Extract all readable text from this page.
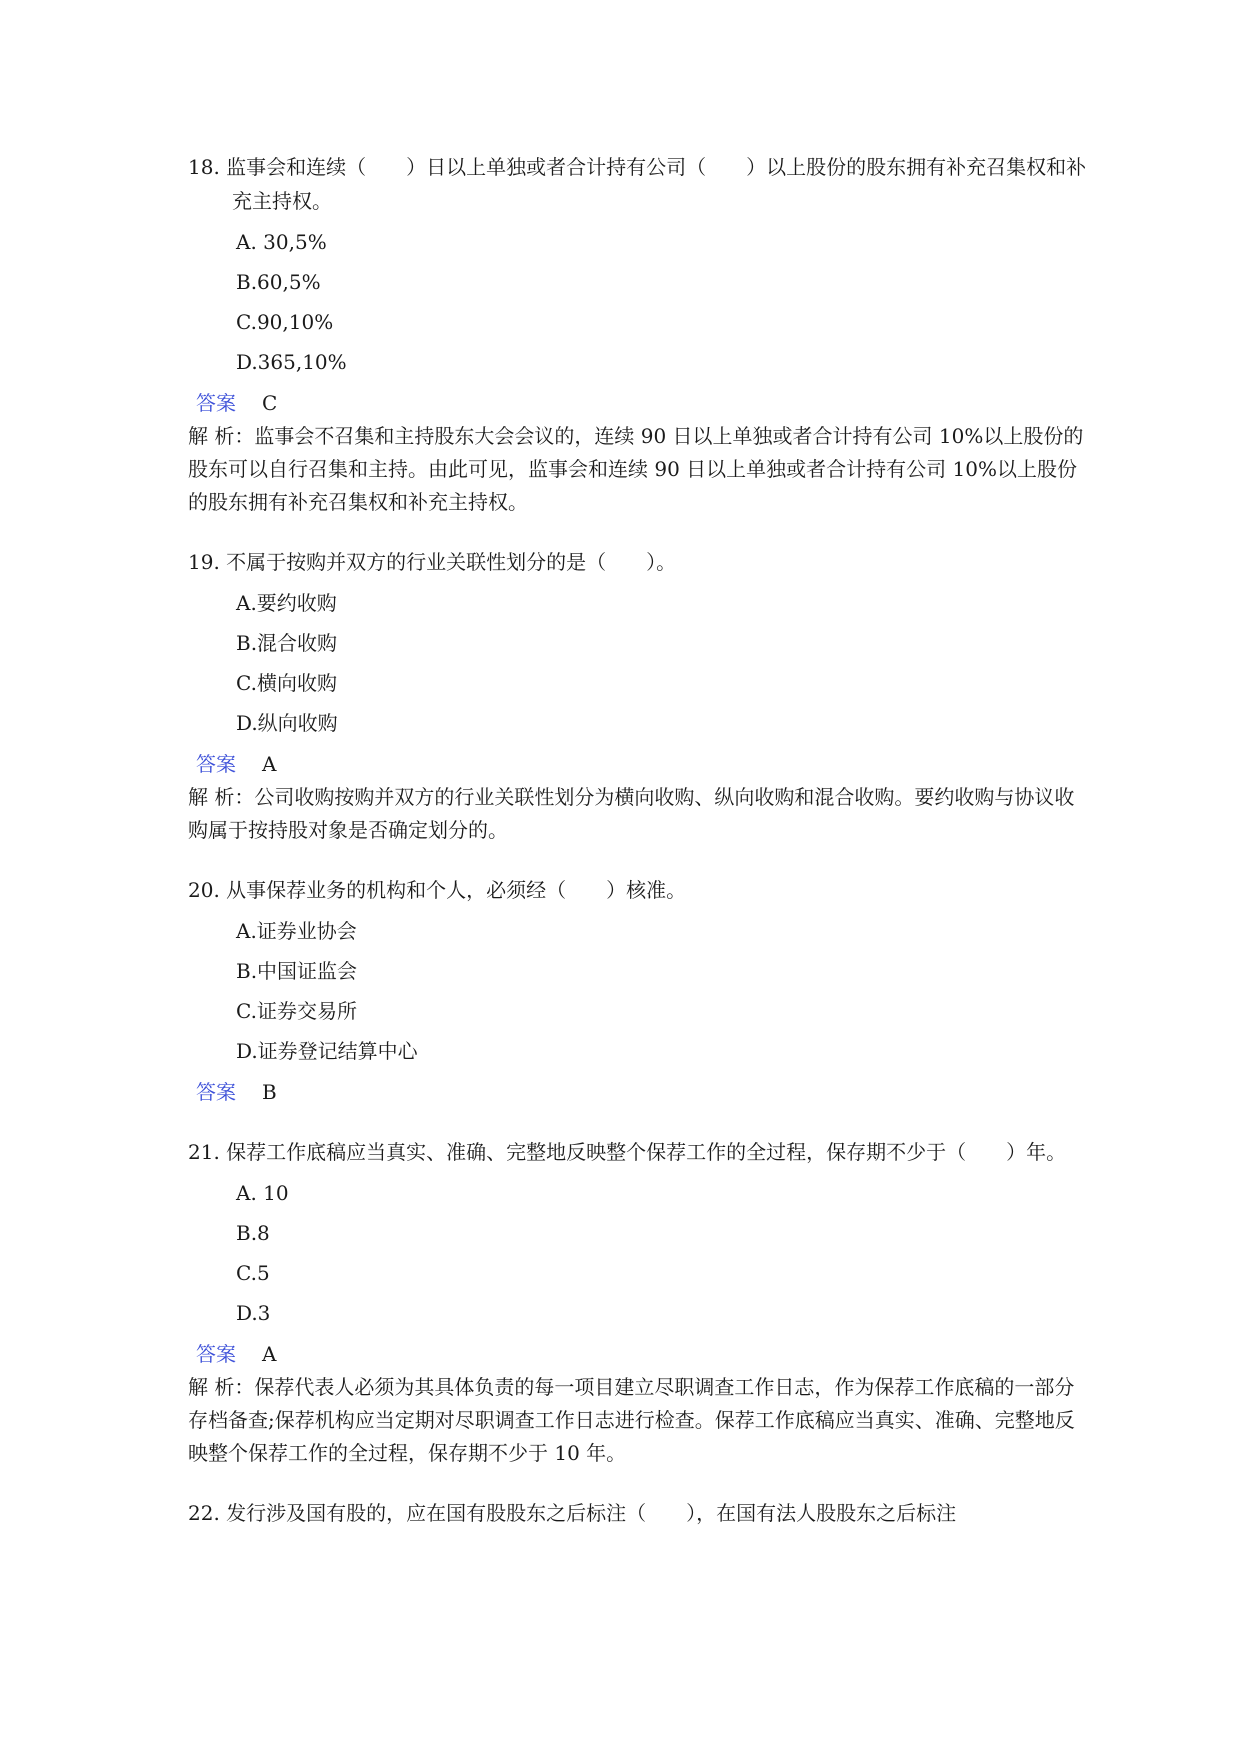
18. 监事会和连续（　　）日以上单独或者合计持有公司（　　）以上股份的股东拥有补充召集权和补充主持权。

A. 30,5%
B.60,5%
C.90,10%
D.365,10%
答案 C
解 析：监事会不召集和主持股东大会会议的，连续 90 日以上单独或者合计持有公司 10%以上股份的股东可以自行召集和主持。由此可见，监事会和连续 90 日以上单独或者合计持有公司 10%以上股份的股东拥有补充召集权和补充主持权。

19. 不属于按购并双方的行业关联性划分的是（　　）。

A.要约收购
B.混合收购
C.横向收购
D.纵向收购
答案 A
解 析：公司收购按购并双方的行业关联性划分为横向收购、纵向收购和混合收购。要约收购与协议收购属于按持股对象是否确定划分的。

20. 从事保荐业务的机构和个人，必须经（　　）核准。

A.证券业协会
B.中国证监会
C.证券交易所
D.证券登记结算中心
答案 B

21. 保荐工作底稿应当真实、准确、完整地反映整个保荐工作的全过程，保存期不少于（　　）年。

A. 10
B.8
C.5
D.3
答案 A
解 析：保荐代表人必须为其具体负责的每一项目建立尽职调查工作日志，作为保荐工作底稿的一部分存档备查;保荐机构应当定期对尽职调查工作日志进行检查。保荐工作底稿应当真实、准确、完整地反映整个保荐工作的全过程，保存期不少于 10 年。

22. 发行涉及国有股的，应在国有股股东之后标注（　　），在国有法人股股东之后标注
